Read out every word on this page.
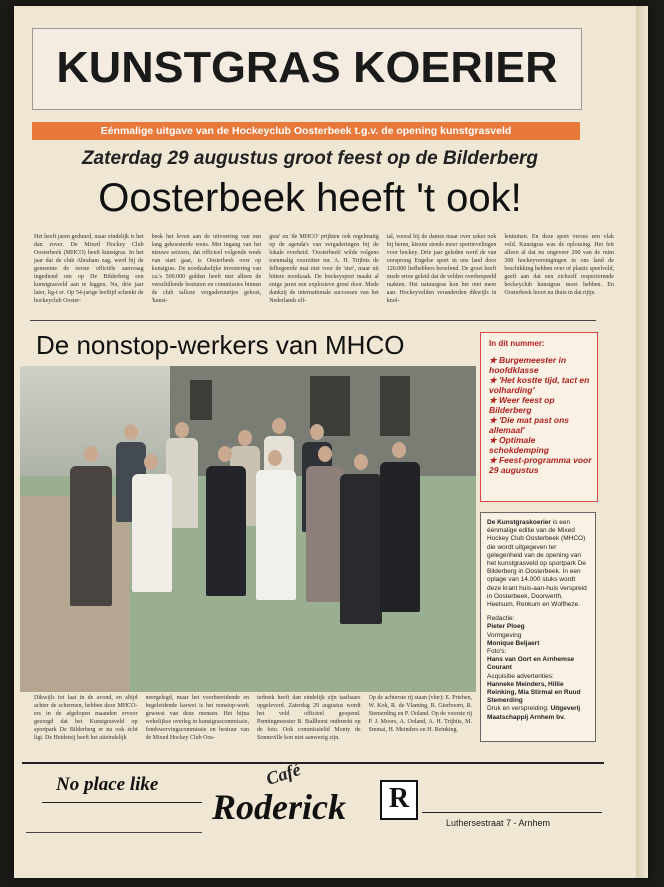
KUNSTGRAS KOERIER
Eénmalige uitgave van de Hockeyclub Oosterbeek t.g.v. de opening kunstgrasveld
Zaterdag 29 augustus groot feest op de Bilderberg
Oosterbeek heeft 't ook!
Het heeft jaren geduurd, maar eindelijk is het dan zover. De Mixed Hockey Club Oosterbeek (MHCO) heeft kunstgras. In het jaar dat de club Abraham zag, werd bij de gemeente de eerste officiële aanvraag ingediend om op De Bilderberg een kunstgrasveld aan te leggen. Nu, drie jaar later, lig-t er. Op 54-jarige leeftijd schenkt de hockeyclub Ooster-
beek het leven aan de uitvoering van een lang gekoesterde wens. Met ingang van het nieuwe seizoen, dat officieel volgende week van start gaat, is Oosterbeek over op kunstgras. De noodzakelijke investering van ca.'s 500.000 gulden heeft niet alleen de verschillende besturen en commissies binnen de club talloze vergaderuurtjes gekost, 'kunst-
gras' en 'de MHCO' prijkten ook regelmatig op de agenda's van vergaderingen bij de lokale overheid. 'Oosterbeek' wilde volgens toenmalig voorzitter mr. A. H. Trijbits de felbegeerde mat niet voor de 'sier', maar uit bittere noodzaak. De hockeysport maakt al enige jaren een explosieve groei door. Mede dankzij de internationale successen van het Nederlands elf-
tal, vooral bij de dames maar over zeker ook bij heren, kiezen steeds meer sportievelingen voor hockey. Drie jaar geleden werd de van oorsprong Engelse sport in ons land door 120.000 liefhebbers beoefend. De groei heeft mede ertoe geleid dat de velden overbespeeld raakten. Het natuurgras kon het niet meer aan. Hockeyvelden veranderden dikwijls in knol-
lentuinen. En deze sport versus een vlak veld. Kunstgras was de oplossing. Het feit alleen al dat nu ongeveer 200 van de ruim 300 hockeyverenigingen in ons land de beschikking hebben over of plastic speelveld, geeft aan dat een zichzelf respecterende hockeyclub kunstgras moet hebben. En Oosterbeek hoort nu thuis in dat rijtje.
De nonstop-werkers van MHCO	In dit nummer:
★ Burgemeester in hoofdklasse
★ 'Het kostte tijd, tact en volharding'
★ Weer feest op Bilderberg
★ 'Die mat past ons allemaal'
★ Optimale schokdemping
★ Feest-programma voor 29 augustus
De Kunstgraskoerier is een éénmalige editie van de Mixed Hockey Club Oosterbeek (MHCO) die wordt uitgegeven ter gelegenheid van de opening van het kunstgrasveld op sportpark De Bilderberg in Oosterbeek. In een oplage van 14.000 stuks wordt deze krant huis-aan-huis verspreid in Oosterbeek, Doorwerth, Heelsum, Renkum en Wolfheze.
Redactie:
Pieter Ploeg
Vormgeving
Monique Beljaert
Foto's:
Hans van Oort en Arnhemse Courant
Acquisitie advertenties:
Hanneke Meinders, Hillie Reinking, Mia Stirmal en Ruud Stemerding
Druk en verspreiding: Uitgeverij Maatschappij Arnhem bv.
Dikwijls tot laat in de avond, en altijd achter de schermen, hebben deze MHCO-ers in de afgelopen maanden ervoor gezorgd dat het Kunstgrasveld op sportpark De Bilderberg er nu ook écht ligt. De Heideteij heeft het uiteindelijk
neergelegd, maar het voorbereidende en begeleidende karwei is het nonstop-werk geweest van deze mensen. Het bijna wekelijkse overleg in kunstgrascommissie, fondswervingscommissie en bestuur van de Mixed Hockey Club Oos-
terbeek heeft dan eindelijk zijn tastbaars opgeleverd. Zaterdag 29 augustus wordt het veld officieel geopend. Penningmeester B. Stallhorst ontbreekt op de foto. Ook commissielid Monty de Sonneville kon niet aanwezig zijn.
Op de achterste rij staan (vlnr): E. Priehen, W. Kok, R. de Vlaming, R. Gierboorn, R. Stemerding en P. Ooland. Op de voorste rij P. J. Moors, A. Ooland, A. H. Trijbits, M. Smmai, H. Meinders en H. Reinking.
No place like	Café
Roderick	R
Luthersestraat 7 - Arnhem
